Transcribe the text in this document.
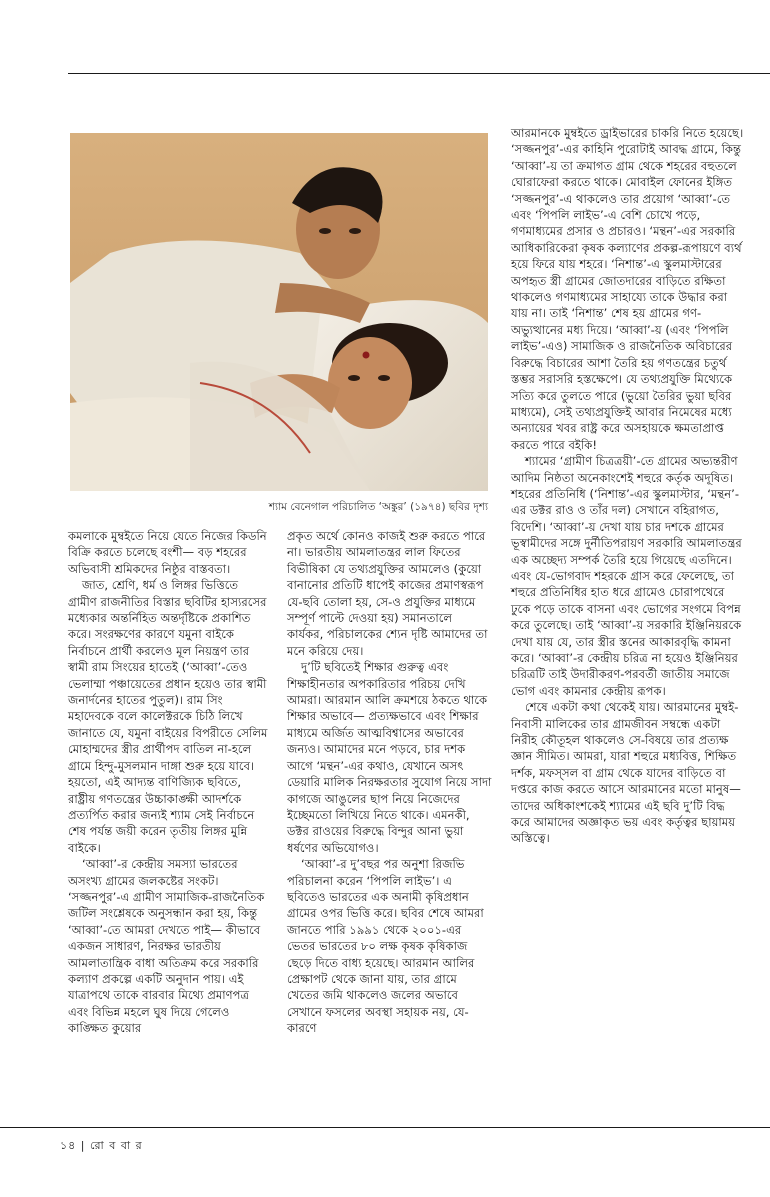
শ্যাম বেনেগাল পরিচালিত ‘অঙ্কুর’ (১৯৭৪) ছবির দৃশ্য

আরমানকে মুম্বইতে ড্রাইভারের চাকরি নিতে হয়েছে। ‘সজ্জনপুর’-এর কাহিনি পুরোটাই আবদ্ধ গ্রামে, কিন্তু ‘আব্বা’-য় তা ক্রমাগত গ্রাম থেকে শহরের বহুতলে ঘোরাফেরা করতে থাকে। মোবাইল ফোনের ইঙ্গিত ‘সজ্জনপুর’-এ থাকলেও তার প্রয়োগ ‘আব্বা’-তে এবং ‘পিপলি লাইভ’-এ বেশি চোখে পড়ে, গণমাধ্যমের প্রসার ও প্রচারও। ‘মন্থন’-এর সরকারি আধিকারিকেরা কৃষক কল্যাণের প্রকল্প-রূপায়ণে ব্যর্থ হয়ে ফিরে যায় শহরে। ‘নিশান্ত’-এ স্কুলমাস্টারের অপহৃত স্ত্রী গ্রামের জোতদারের বাড়িতে রক্ষিতা থাকলেও গণমাধ্যমের সাহায্যে তাকে উদ্ধার করা যায় না। তাই ‘নিশান্ত’ শেষ হয় গ্রামের গণ-অভ্যুত্থানের মধ্য দিয়ে। ‘আব্বা’-য় (এবং ‘পিপলি লাইভ’-এও) সামাজিক ও রাজনৈতিক অবিচারের বিরুদ্ধে বিচারের আশা তৈরি হয় গণতন্ত্রের চতুর্থ স্তম্ভর সরাসরি হস্তক্ষেপে। যে তথ্যপ্রযুক্তি মিথ্যেকে সত্যি করে তুলতে পারে (ভুয়ো তৈরির ভুয়া ছবির মাধ্যমে), সেই তথ্যপ্রযুক্তিই আবার নিমেষের মধ্যে অন্যায়ের খবর রাষ্ট্র করে অসহায়কে ক্ষমতাপ্রাপ্ত করতে পারে বইকি!

শ্যামের ‘গ্রামীণ চিত্রত্রয়ী’-তে গ্রামের অভ্যন্তরীণ আদিম নিষ্ঠতা অনেকাংশেই শহুরে কর্তৃক অদূষিত। শহরের প্রতিনিধি (‘নিশান্ত’-এর স্কুলমাস্টার, ‘মন্থন’-এর ডক্টর রাও ও তাঁর দল) সেখানে বহিরাগত, বিদেশি। ‘আব্বা’-য় দেখা যায় চার দশকে গ্রামের ভূস্বামীদের সঙ্গে দুর্নীতিপরায়ণ সরকারি আমলাতন্ত্রর এক অচ্ছেদ্য সম্পর্ক তৈরি হয়ে গিয়েছে এতদিনে। এবং যে-ভোগবাদ শহরকে গ্রাস করে ফেলেছে, তা শহুরে প্রতিনিধির হাত ধরে গ্রামেও চোরাপথেরে ঢুকে পড়ে তাকে বাসনা এবং ভোগের সংগমে বিপন্ন করে তুলেছে। তাই ‘আব্বা’-য় সরকারি ইঞ্জিনিয়রকে দেখা যায় যে, তার স্ত্রীর স্তনের আকারবৃদ্ধি কামনা করে। ‘আব্বা’-র কেন্দ্রীয় চরিত্র না হয়েও ইঞ্জিনিয়র চরিত্রটি তাই উদারীকরণ-পরবর্তী জাতীয় সমাজে ভোগ এবং কামনার কেন্দ্রীয় রূপক।

শেষে একটা কথা থেকেই যায়। আরমানের মুম্বই-নিবাসী মালিকের তার গ্রামজীবন সম্বন্ধে একটা নিরীহ কৌতূহল থাকলেও সে-বিষয়ে তার প্রত্যক্ষ জ্ঞান সীমিত। আমরা, যারা শহুরে মধ্যবিত্ত, শিক্ষিত দর্শক, মফস্সল বা গ্রাম থেকে যাদের বাড়িতে বা দপ্তরে কাজ করতে আসে আরমানের মতো মানুষ— তাদের অধিকাংশকেই শ্যামের এই ছবি দু’টি বিদ্ধ করে আমাদের অজ্ঞাকৃত ভয় এবং কর্তৃত্বর ছায়াময় অস্তিত্বে।

কমলাকে মুম্বইতে নিয়ে যেতে নিজের কিডনি বিক্রি করতে চলেছে বংশী— বড় শহরের অভিবাসী শ্রমিকদের নিষ্ঠুর বাস্তবতা।

জাত, শ্রেণি, ধর্ম ও লিঙ্গর ভিত্তিতে গ্রামীণ রাজনীতির বিস্তার ছবিটির হাস্যরসের মধ্যেকার অন্তর্নিহিত অন্তর্দৃষ্টিকে প্রকাশিত করে। সংরক্ষণের কারণে যমুনা বাইকে নির্বাচনে প্রার্থী করলেও মূল নিয়ন্ত্রণ তার স্বামী রাম সিংয়ের হাতেই (‘আব্বা’-তেও ভেলাম্মা পঞ্চায়েতের প্রধান হয়েও তার স্বামী জনার্দনের হাতের পুতুল)। রাম সিং মহাদেবকে বলে কালেক্টরকে চিঠি লিখে জানাতে যে, যমুনা বাইয়ের বিপরীতে সেলিম মোহাম্মদের স্ত্রীর প্রার্থীপদ বাতিল না-হলে গ্রামে হিন্দু-মুসলমান দাঙ্গা শুরু হয়ে যাবে। হয়তো, এই আদ্যন্ত বাণিজ্যিক ছবিতে, রাষ্ট্রীয় গণতন্ত্রের উচ্চাকাঙ্ক্ষী আদর্শকে প্রত্যর্পিত করার জন্যই শ্যাম সেই নির্বাচনে শেষ পর্যন্ত জয়ী করেন তৃতীয় লিঙ্গর মুন্নি বাইকে।

‘আব্বা’-র কেন্দ্রীয় সমস্যা ভারতের অসংখ্য গ্রামের জলকষ্টের সংকট। ‘সজ্জনপুর’-এ গ্রামীণ সামাজিক-রাজনৈতিক জটিল সংশ্লেষকে অনুসন্ধান করা হয়, কিন্তু ‘আব্বা’-তে আমরা দেখতে পাই— কীভাবে একজন সাধারণ, নিরক্ষর ভারতীয় আমলাতান্ত্রিক বাধা অতিক্রম করে সরকারি কল্যাণ প্রকল্পে একটি অনুদান পায়। এই যাত্রাপথে তাকে বারবার মিথ্যে প্রমাণপত্র এবং বিভিন্ন মহলে ঘুষ দিয়ে গেলেও কাঙ্ক্ষিত কুয়োর

প্রকৃত অর্থে কোনও কাজই শুরু করতে পারে না। ভারতীয় আমলাতন্ত্রর লাল ফিতের বিভীষিকা যে তথ্যপ্রযুক্তির আমলেও (কুয়ো বানানোর প্রতিটি ধাপেই কাজের প্রমাণস্বরূপ যে-ছবি তোলা হয়, সে-ও প্রযুক্তির মাধ্যমে সম্পূর্ণ পাল্টে দেওয়া হয়) সমানতালে কার্যকর, পরিচালকের শ্যেন দৃষ্টি আমাদের তা মনে করিয়ে দেয়।

দু’টি ছবিতেই শিক্ষার গুরুত্ব এবং শিক্ষাহীনতার অপকারিতার পরিচয় দেখি আমরা। আরমান আলি ক্রমশয়ে ঠকতে থাকে শিক্ষার অভাবে— প্রত্যক্ষভাবে এবং শিক্ষার মাধ্যমে অর্জিত আত্মবিশ্বাসের অভাবের জন্যও। আমাদের মনে পড়বে, চার দশক আগে ‘মন্থন’-এর কথাও, যেখানে অসৎ ডেয়ারি মালিক নিরক্ষরতার সুযোগ নিয়ে সাদা কাগজে আঙুলের ছাপ নিয়ে নিজেদের ইচ্ছেমতো লিখিয়ে নিতে থাকে। এমনকী, ডক্টর রাওয়ের বিরুদ্ধে বিন্দুর আনা ভুয়া ধর্ষণের অভিযোগও।

‘আব্বা’-র দু’বছর পর অনুশা রিজভি পরিচালনা করেন ‘পিপলি লাইভ’। এ ছবিতেও ভারতের এক অনামী কৃষিপ্রধান গ্রামের ওপর ভিত্তি করে। ছবির শেষে আমরা জানতে পারি ১৯৯১ থেকে ২০০১-এর ভেতর ভারতের ৮০ লক্ষ কৃষক কৃষিকাজ ছেড়ে দিতে বাধ্য হয়েছে। আরমান আলির প্রেক্ষাপট থেকে জানা যায়, তার গ্রামে খেতের জমি থাকলেও জলের অভাবে সেখানে ফসলের অবস্থা সহায়ক নয়, যে-কারণে

১৪ | রো ব বা র
